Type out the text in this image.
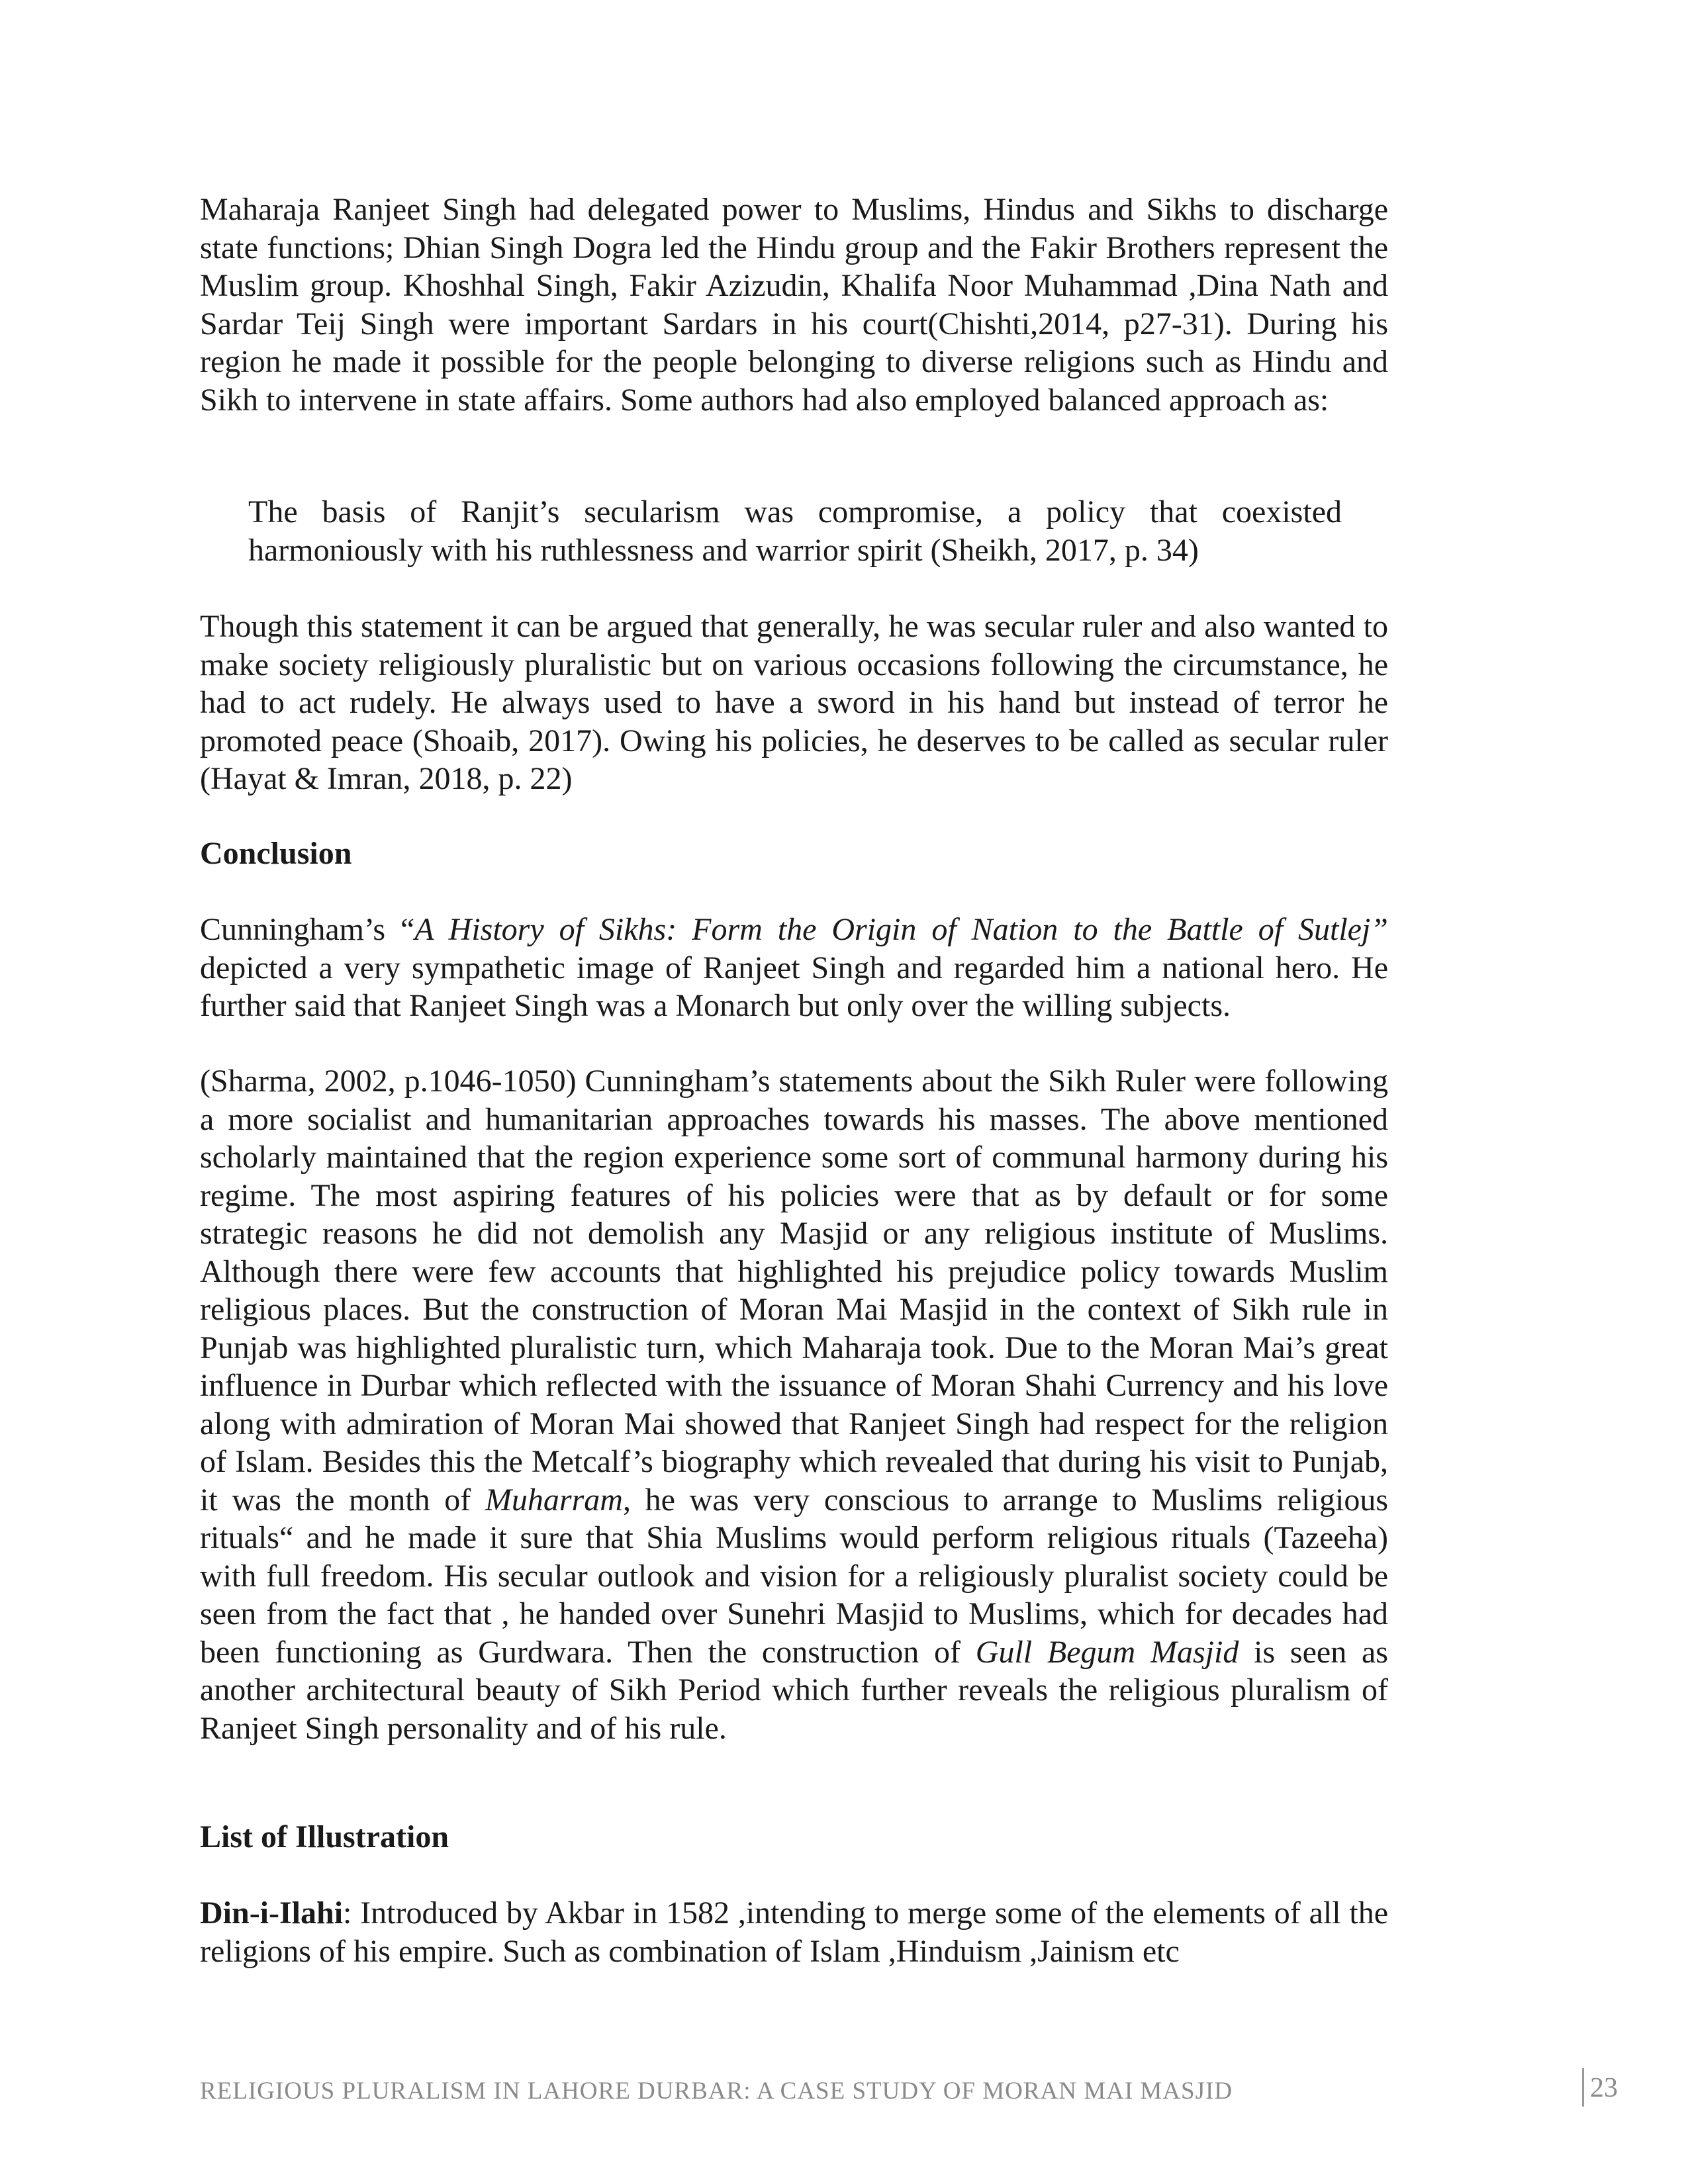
Maharaja Ranjeet Singh had delegated power to Muslims, Hindus and Sikhs to discharge state functions; Dhian Singh Dogra led the Hindu group and the Fakir Brothers represent the Muslim group. Khoshhal Singh, Fakir Azizudin, Khalifa Noor Muhammad ,Dina Nath and Sardar Teij Singh were important Sardars in his court(Chishti,2014, p27-31). During his region he made it possible for the people belonging to diverse religions such as Hindu and Sikh to intervene in state affairs. Some authors had also employed balanced approach as:
The basis of Ranjit’s secularism was compromise, a policy that coexisted harmoniously with his ruthlessness and warrior spirit (Sheikh, 2017, p. 34)
Though this statement it can be argued that generally, he was secular ruler and also wanted to make society religiously pluralistic but on various occasions following the circumstance, he had to act rudely. He always used to have a sword in his hand but instead of terror he promoted peace (Shoaib, 2017). Owing his policies, he deserves to be called as secular ruler (Hayat & Imran, 2018, p. 22)
Conclusion
Cunningham’s “A History of Sikhs: Form the Origin of Nation to the Battle of Sutlej” depicted a very sympathetic image of Ranjeet Singh and regarded him a national hero. He further said that Ranjeet Singh was a Monarch but only over the willing subjects.
(Sharma, 2002, p.1046-1050) Cunningham’s statements about the Sikh Ruler were following a more socialist and humanitarian approaches towards his masses. The above mentioned scholarly maintained that the region experience some sort of communal harmony during his regime. The most aspiring features of his policies were that as by default or for some strategic reasons he did not demolish any Masjid or any religious institute of Muslims. Although there were few accounts that highlighted his prejudice policy towards Muslim religious places. But the construction of Moran Mai Masjid in the context of Sikh rule in Punjab was highlighted pluralistic turn, which Maharaja took. Due to the Moran Mai’s great influence in Durbar which reflected with the issuance of Moran Shahi Currency and his love along with admiration of Moran Mai showed that Ranjeet Singh had respect for the religion of Islam. Besides this the Metcalf’s biography which revealed that during his visit to Punjab, it was the month of Muharram, he was very conscious to arrange to Muslims religious rituals“ and he made it sure that Shia Muslims would perform religious rituals (Tazeeha) with full freedom. His secular outlook and vision for a religiously pluralist society could be seen from the fact that , he handed over Sunehri Masjid to Muslims, which for decades had been functioning as Gurdwara. Then the construction of Gull Begum Masjid is seen as another architectural beauty of Sikh Period which further reveals the religious pluralism of Ranjeet Singh personality and of his rule.
List of Illustration
Din-i-Ilahi: Introduced by Akbar in 1582 ,intending to merge some of the elements of all the religions of his empire. Such as combination of Islam ,Hinduism ,Jainism etc
RELIGIOUS PLURALISM IN LAHORE DURBAR: A CASE STUDY OF MORAN MAI MASJID	23
